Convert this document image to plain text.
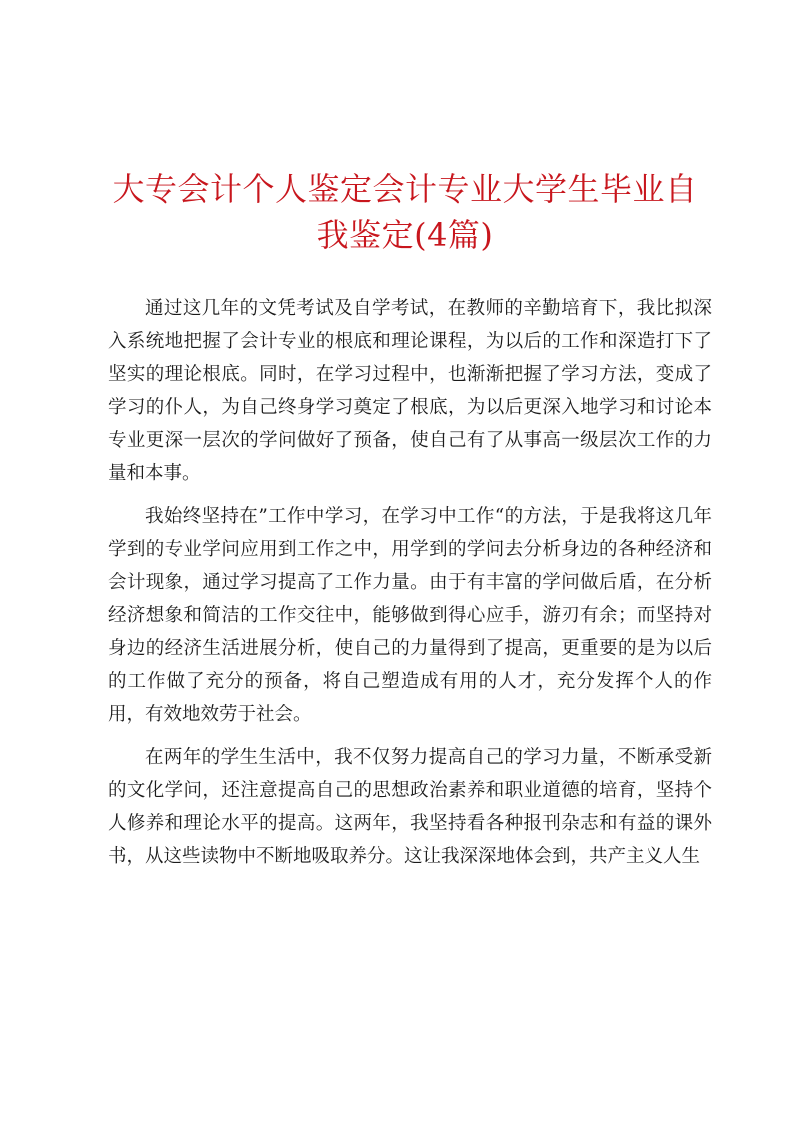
大专会计个人鉴定会计专业大学生毕业自我鉴定(4篇)

通过这几年的文凭考试及自学考试，在教师的辛勤培育下，我比拟深入系统地把握了会计专业的根底和理论课程，为以后的工作和深造打下了坚实的理论根底。同时，在学习过程中，也渐渐把握了学习方法，变成了学习的仆人，为自己终身学习奠定了根底，为以后更深入地学习和讨论本专业更深一层次的学问做好了预备，使自己有了从事高一级层次工作的力量和本事。

我始终坚持在”工作中学习，在学习中工作“的方法，于是我将这几年学到的专业学问应用到工作之中，用学到的学问去分析身边的各种经济和会计现象，通过学习提高了工作力量。由于有丰富的学问做后盾，在分析经济想象和简洁的工作交往中，能够做到得心应手，游刃有余；而坚持对身边的经济生活进展分析，使自己的力量得到了提高，更重要的是为以后的工作做了充分的预备，将自己塑造成有用的人才，充分发挥个人的作用，有效地效劳于社会。

在两年的学生生活中，我不仅努力提高自己的学习力量，不断承受新的文化学问，还注意提高自己的思想政治素养和职业道德的培育，坚持个人修养和理论水平的提高。这两年，我坚持看各种报刊杂志和有益的课外书，从这些读物中不断地吸取养分。这让我深深地体会到，共产主义人生
